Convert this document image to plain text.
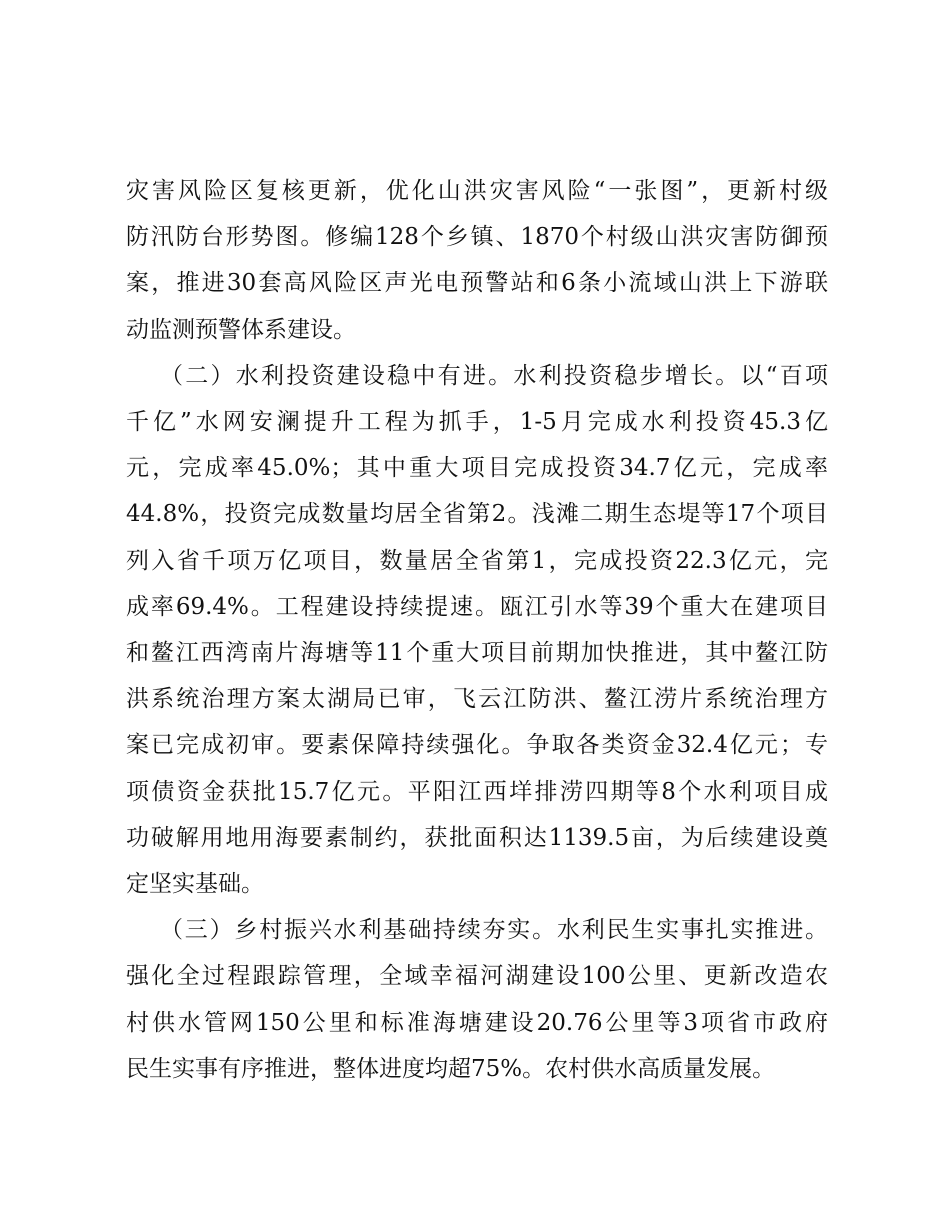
灾害风险区复核更新，优化山洪灾害风险“一张图”，更新村级
防汛防台形势图。修编128个乡镇、1870个村级山洪灾害防御预
案，推进30套高风险区声光电预警站和6条小流域山洪上下游联
动监测预警体系建设。
（二）水利投资建设稳中有进。水利投资稳步增长。以“百项
千亿”水网安澜提升工程为抓手，1-5月完成水利投资45.3亿
元，完成率45.0%；其中重大项目完成投资34.7亿元，完成率
44.8%，投资完成数量均居全省第2。浅滩二期生态堤等17个项目
列入省千项万亿项目，数量居全省第1，完成投资22.3亿元，完
成率69.4%。工程建设持续提速。瓯江引水等39个重大在建项目
和鳌江西湾南片海塘等11个重大项目前期加快推进，其中鳌江防
洪系统治理方案太湖局已审，飞云江防洪、鳌江涝片系统治理方
案已完成初审。要素保障持续强化。争取各类资金32.4亿元；专
项债资金获批15.7亿元。平阳江西垟排涝四期等8个水利项目成
功破解用地用海要素制约，获批面积达1139.5亩，为后续建设奠
定坚实基础。
（三）乡村振兴水利基础持续夯实。水利民生实事扎实推进。
强化全过程跟踪管理，全域幸福河湖建设100公里、更新改造农
村供水管网150公里和标准海塘建设20.76公里等3项省市政府
民生实事有序推进，整体进度均超75%。农村供水高质量发展。
